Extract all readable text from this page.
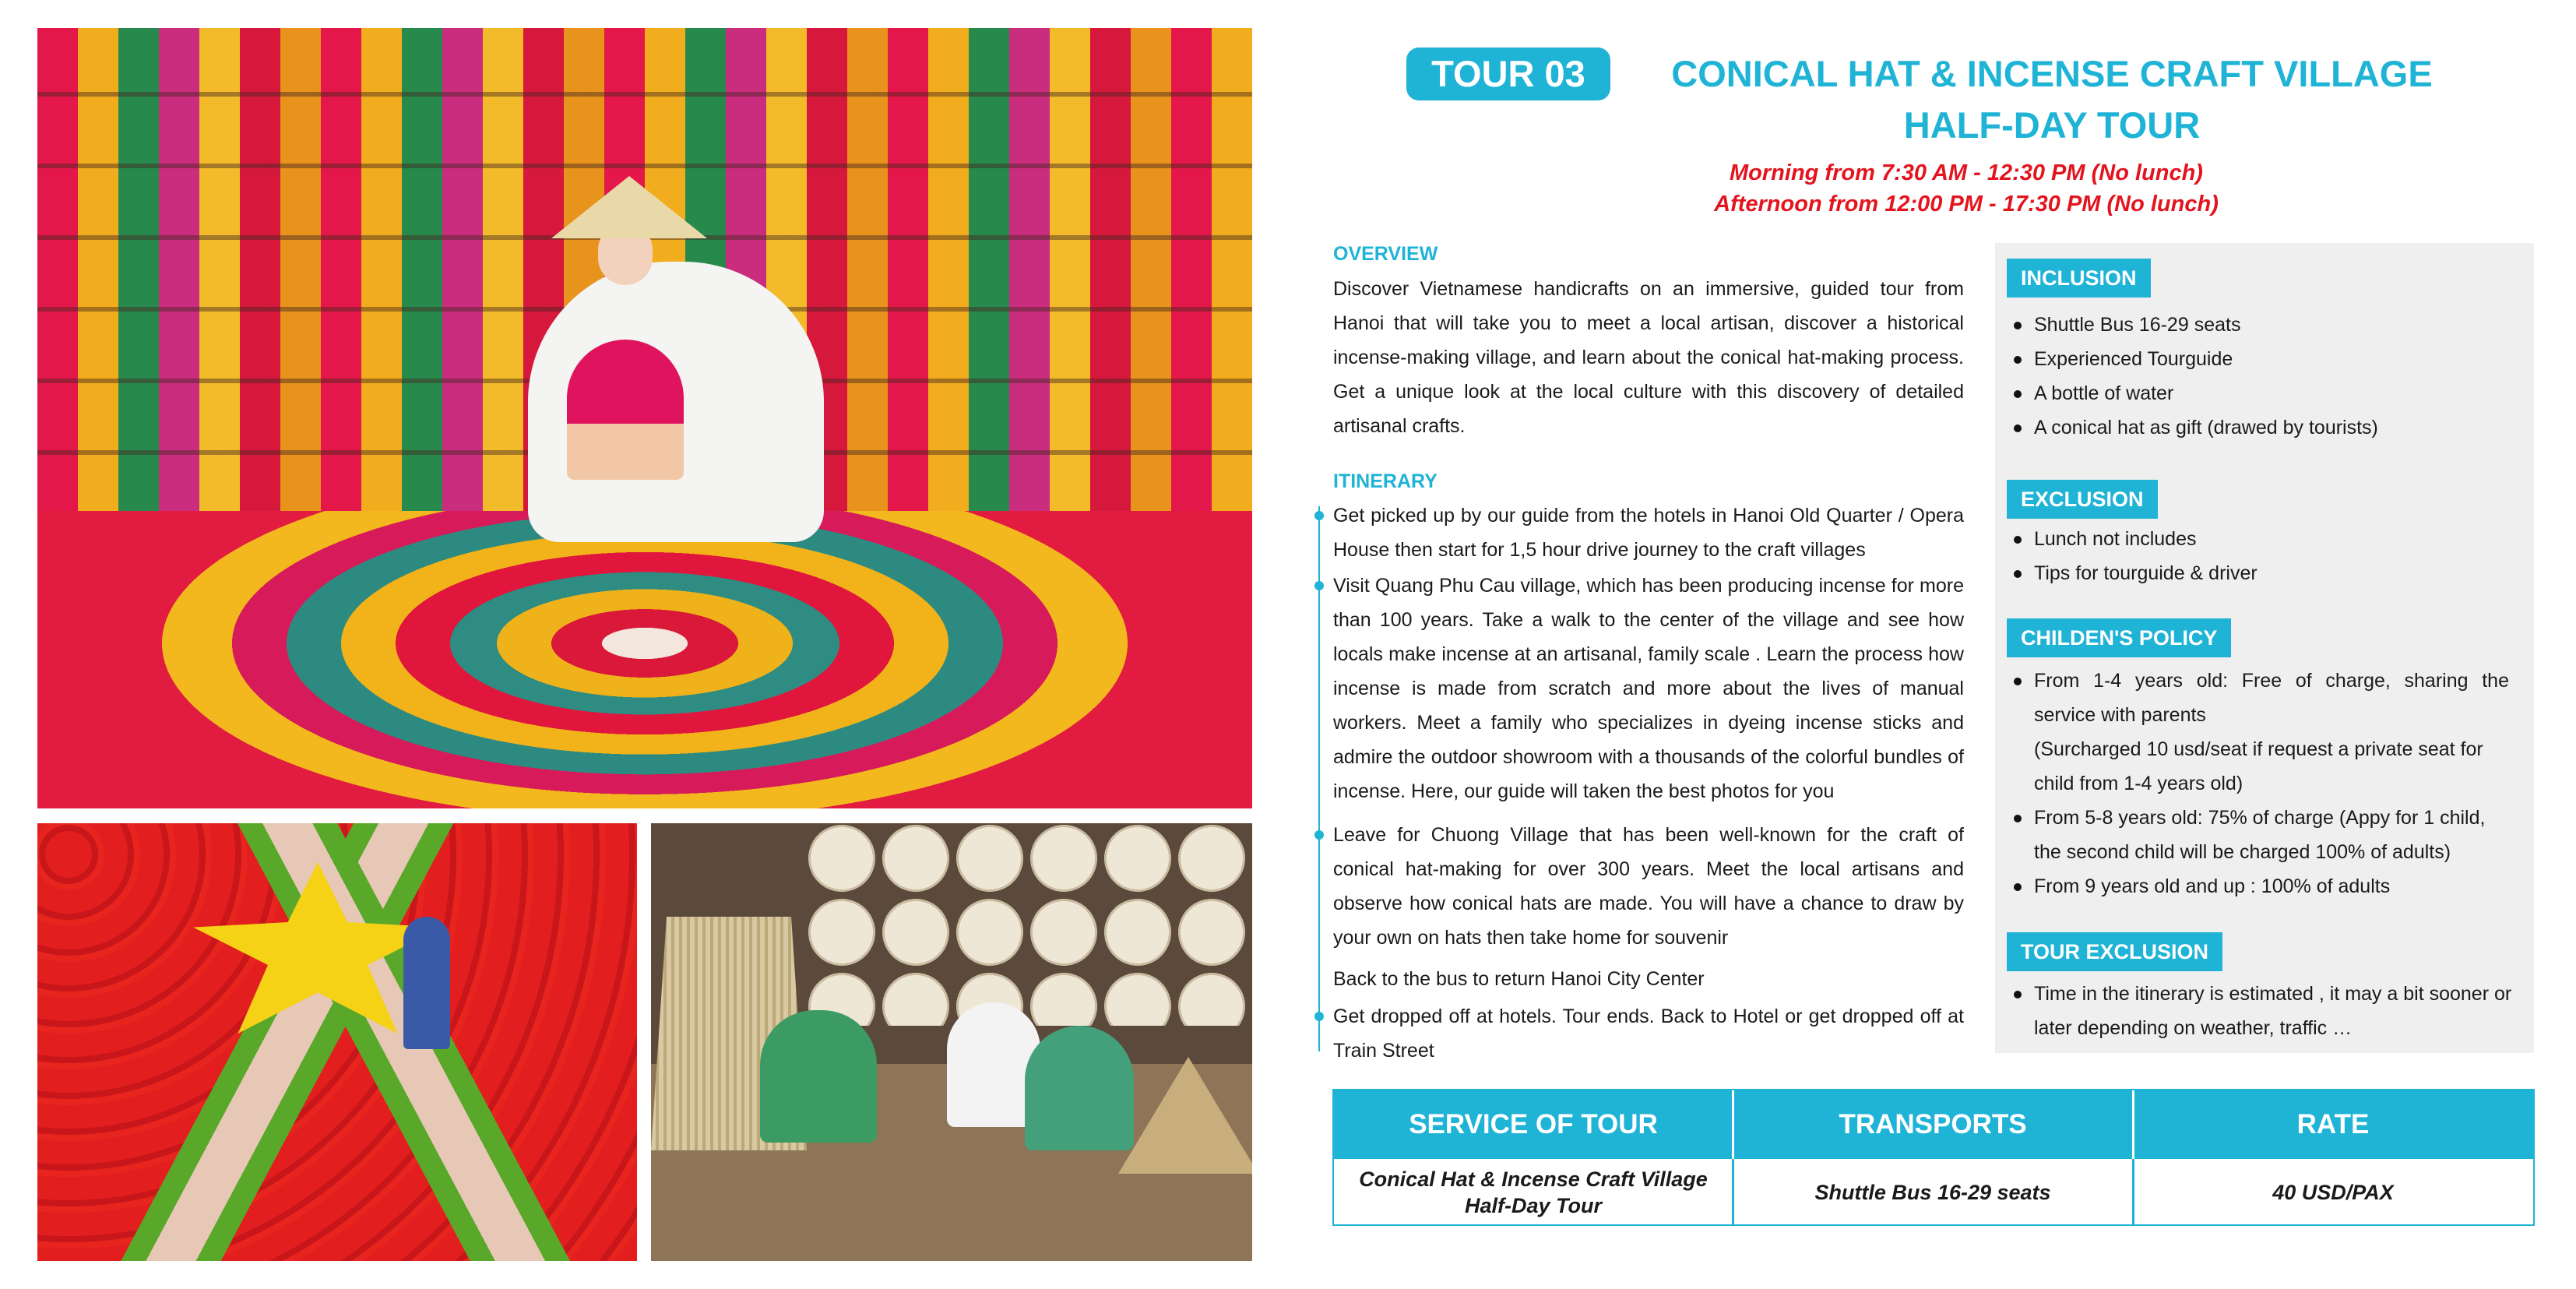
TOUR 03	CONICAL HAT & INCENSE CRAFT VILLAGE
HALF-DAY TOUR
Morning from 7:30 AM - 12:30 PM (No lunch)
Afternoon from 12:00 PM - 17:30 PM (No lunch)
OVERVIEW
Discover Vietnamese handicrafts on an immersive, guided tour from Hanoi that will take you to meet a local artisan, discover a historical incense-making village, and learn about the conical hat-making process. Get a unique look at the local culture with this discovery of detailed artisanal crafts.
ITINERARY
Get picked up by our guide from the hotels in Hanoi Old Quarter / Opera House then start for 1,5 hour drive journey to the craft villages
Visit Quang Phu Cau village, which has been producing incense for more than 100 years. Take a walk to the center of the village and see how locals make incense at an artisanal, family scale . Learn the process how incense is made from scratch and more about the lives of manual workers. Meet a family who specializes in dyeing incense sticks and admire the outdoor showroom with a thousands of the colorful bundles of incense. Here, our guide will taken the best photos for you
Leave for Chuong Village that has been well-known for the craft of conical hat-making for over 300 years. Meet the local artisans and observe how conical hats are made. You will have a chance to draw by your own on hats then take home for souvenir
Back to the bus to return Hanoi City Center
Get dropped off at hotels. Tour ends. Back to Hotel or get dropped off at Train Street
INCLUSION
Shuttle Bus 16-29 seats
Experienced Tourguide
A bottle of water
A conical hat as gift (drawed by tourists)
EXCLUSION
Lunch not includes
Tips for tourguide & driver
CHILDEN'S POLICY
From 1-4 years old: Free of charge, sharing the
service with parents
(Surcharged 10 usd/seat if request a private seat for
child from 1-4 years old)
From 5-8 years old: 75% of charge (Appy for 1 child,
the second child will be charged 100% of adults)
From 9 years old and up : 100% of adults
TOUR EXCLUSION
Time in the itinerary is estimated , it may a bit sooner or
later depending on weather, traffic …
SERVICE OF TOUR	TRANSPORTS	RATE
Conical Hat & Incense Craft Village
Half-Day Tour
Shuttle Bus 16-29 seats	40 USD/PAX
